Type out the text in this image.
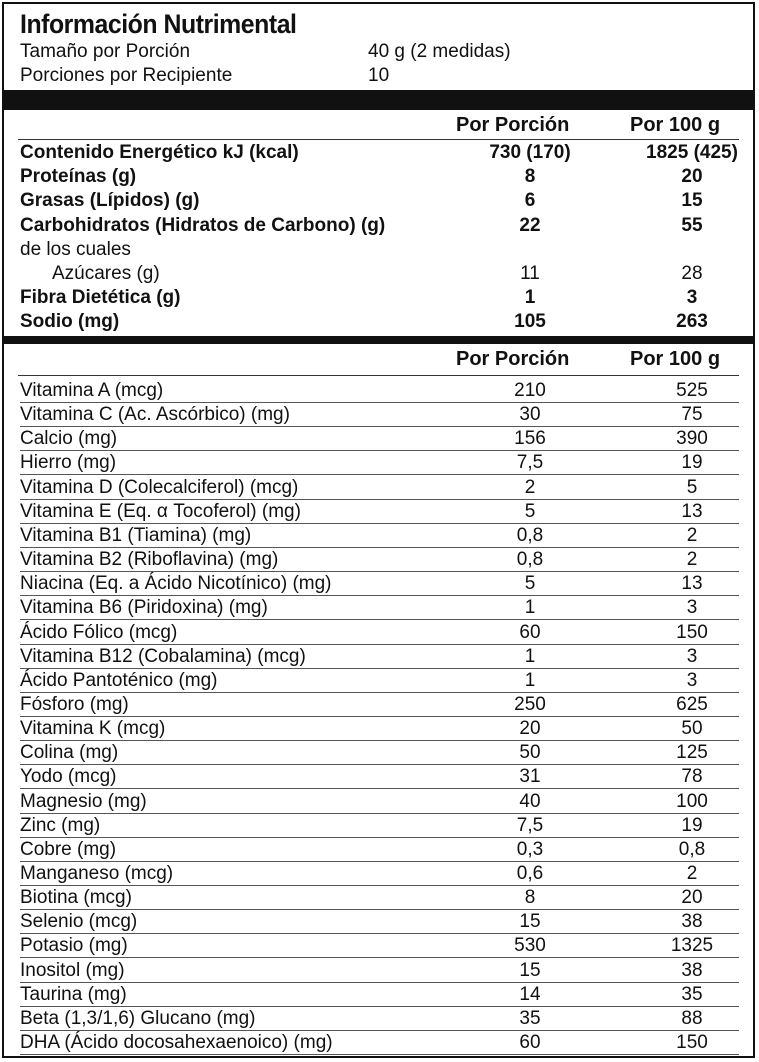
Información Nutrimental
Tamaño por Porción	40 g (2 medidas)
Porciones por Recipiente	10
Por Porción	Por 100 g
Contenido Energético kJ (kcal)	730 (170)	1825 (425)
Proteínas (g)	8	20
Grasas (Lípidos) (g)	6	15
Carbohidratos (Hidratos de Carbono) (g)	22	55
de los cuales
Azúcares (g)	11	28
Fibra Dietética (g)	1	3
Sodio (mg)	105	263
Por Porción	Por 100 g
Vitamina A (mcg)	210	525
Vitamina C (Ac. Ascórbico) (mg)	30	75
Calcio (mg)	156	390
Hierro (mg)	7,5	19
Vitamina D (Colecalciferol) (mcg)	2	5
Vitamina E (Eq. α Tocoferol) (mg)	5	13
Vitamina B1 (Tiamina) (mg)	0,8	2
Vitamina B2 (Riboflavina) (mg)	0,8	2
Niacina (Eq. a Ácido Nicotínico) (mg)	5	13
Vitamina B6 (Piridoxina) (mg)	1	3
Ácido Fólico (mcg)	60	150
Vitamina B12 (Cobalamina) (mcg)	1	3
Ácido Pantoténico (mg)	1	3
Fósforo (mg)	250	625
Vitamina K (mcg)	20	50
Colina (mg)	50	125
Yodo (mcg)	31	78
Magnesio (mg)	40	100
Zinc (mg)	7,5	19
Cobre (mg)	0,3	0,8
Manganeso (mcg)	0,6	2
Biotina (mcg)	8	20
Selenio (mcg)	15	38
Potasio (mg)	530	1325
Inositol (mg)	15	38
Taurina (mg)	14	35
Beta (1,3/1,6) Glucano (mg)	35	88
DHA (Ácido docosahexaenoico) (mg)	60	150
